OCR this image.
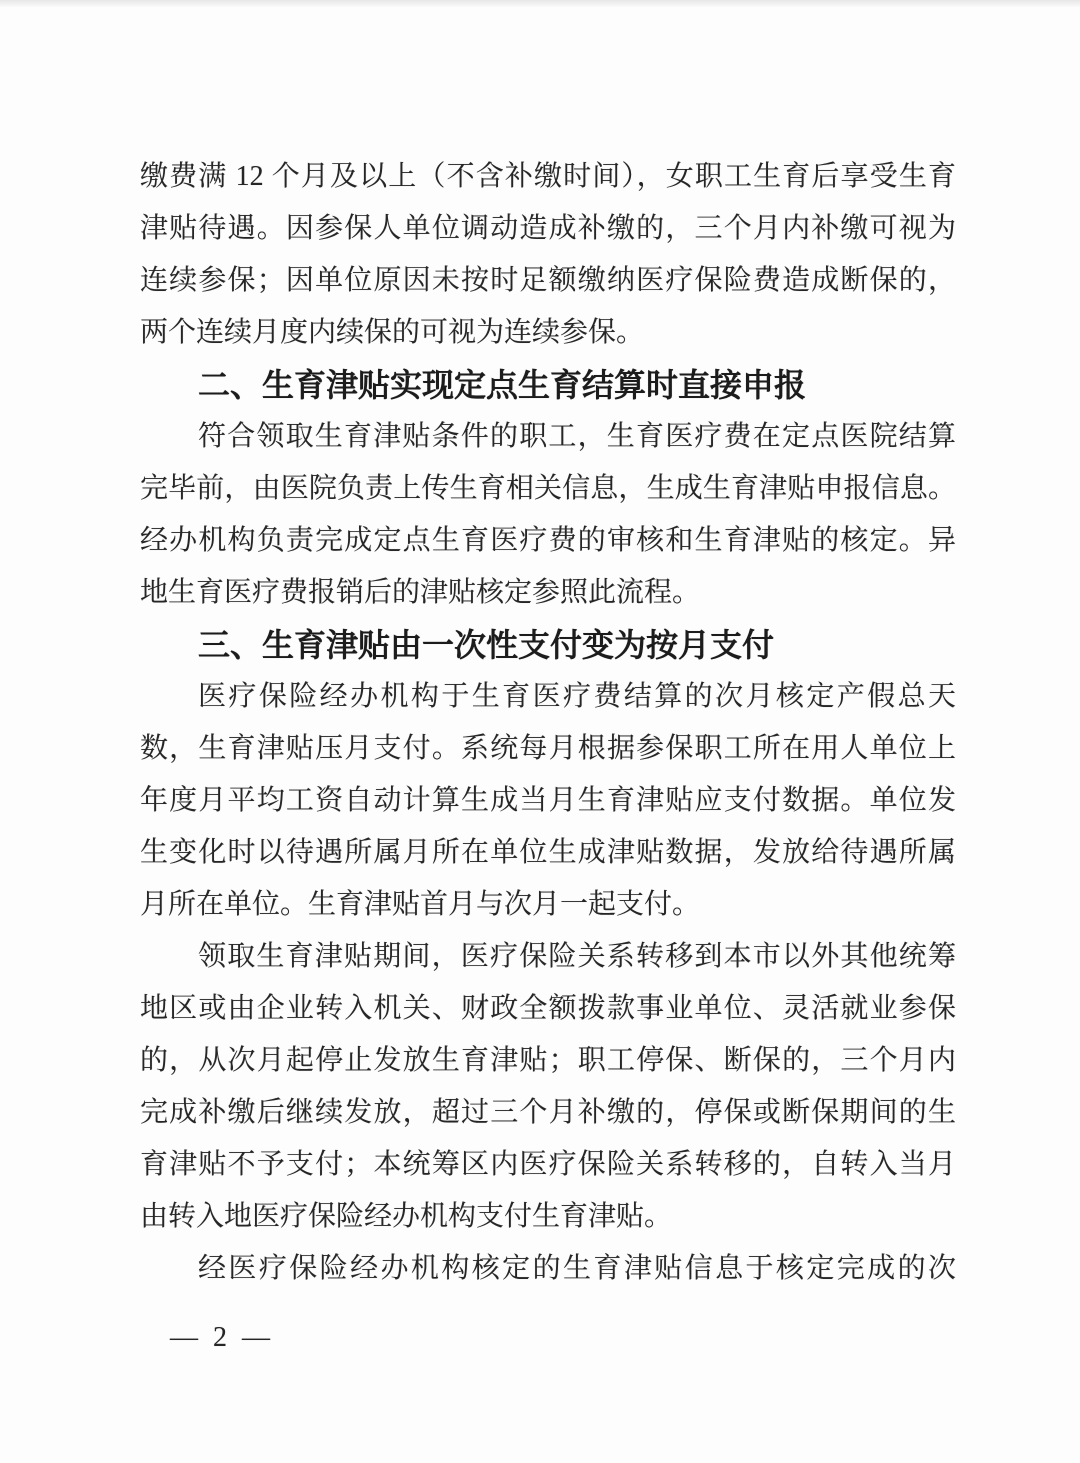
缴费满 12 个月及以上（不含补缴时间），女职工生育后享受生育
津贴待遇。因参保人单位调动造成补缴的，三个月内补缴可视为
连续参保；因单位原因未按时足额缴纳医疗保险费造成断保的，
两个连续月度内续保的可视为连续参保。
二、生育津贴实现定点生育结算时直接申报
符合领取生育津贴条件的职工，生育医疗费在定点医院结算
完毕前，由医院负责上传生育相关信息，生成生育津贴申报信息。
经办机构负责完成定点生育医疗费的审核和生育津贴的核定。异
地生育医疗费报销后的津贴核定参照此流程。
三、生育津贴由一次性支付变为按月支付
医疗保险经办机构于生育医疗费结算的次月核定产假总天
数，生育津贴压月支付。系统每月根据参保职工所在用人单位上
年度月平均工资自动计算生成当月生育津贴应支付数据。单位发
生变化时以待遇所属月所在单位生成津贴数据，发放给待遇所属
月所在单位。生育津贴首月与次月一起支付。
领取生育津贴期间，医疗保险关系转移到本市以外其他统筹
地区或由企业转入机关、财政全额拨款事业单位、灵活就业参保
的，从次月起停止发放生育津贴；职工停保、断保的，三个月内
完成补缴后继续发放，超过三个月补缴的，停保或断保期间的生
育津贴不予支付；本统筹区内医疗保险关系转移的，自转入当月
由转入地医疗保险经办机构支付生育津贴。
经医疗保险经办机构核定的生育津贴信息于核定完成的次
— 2 —
